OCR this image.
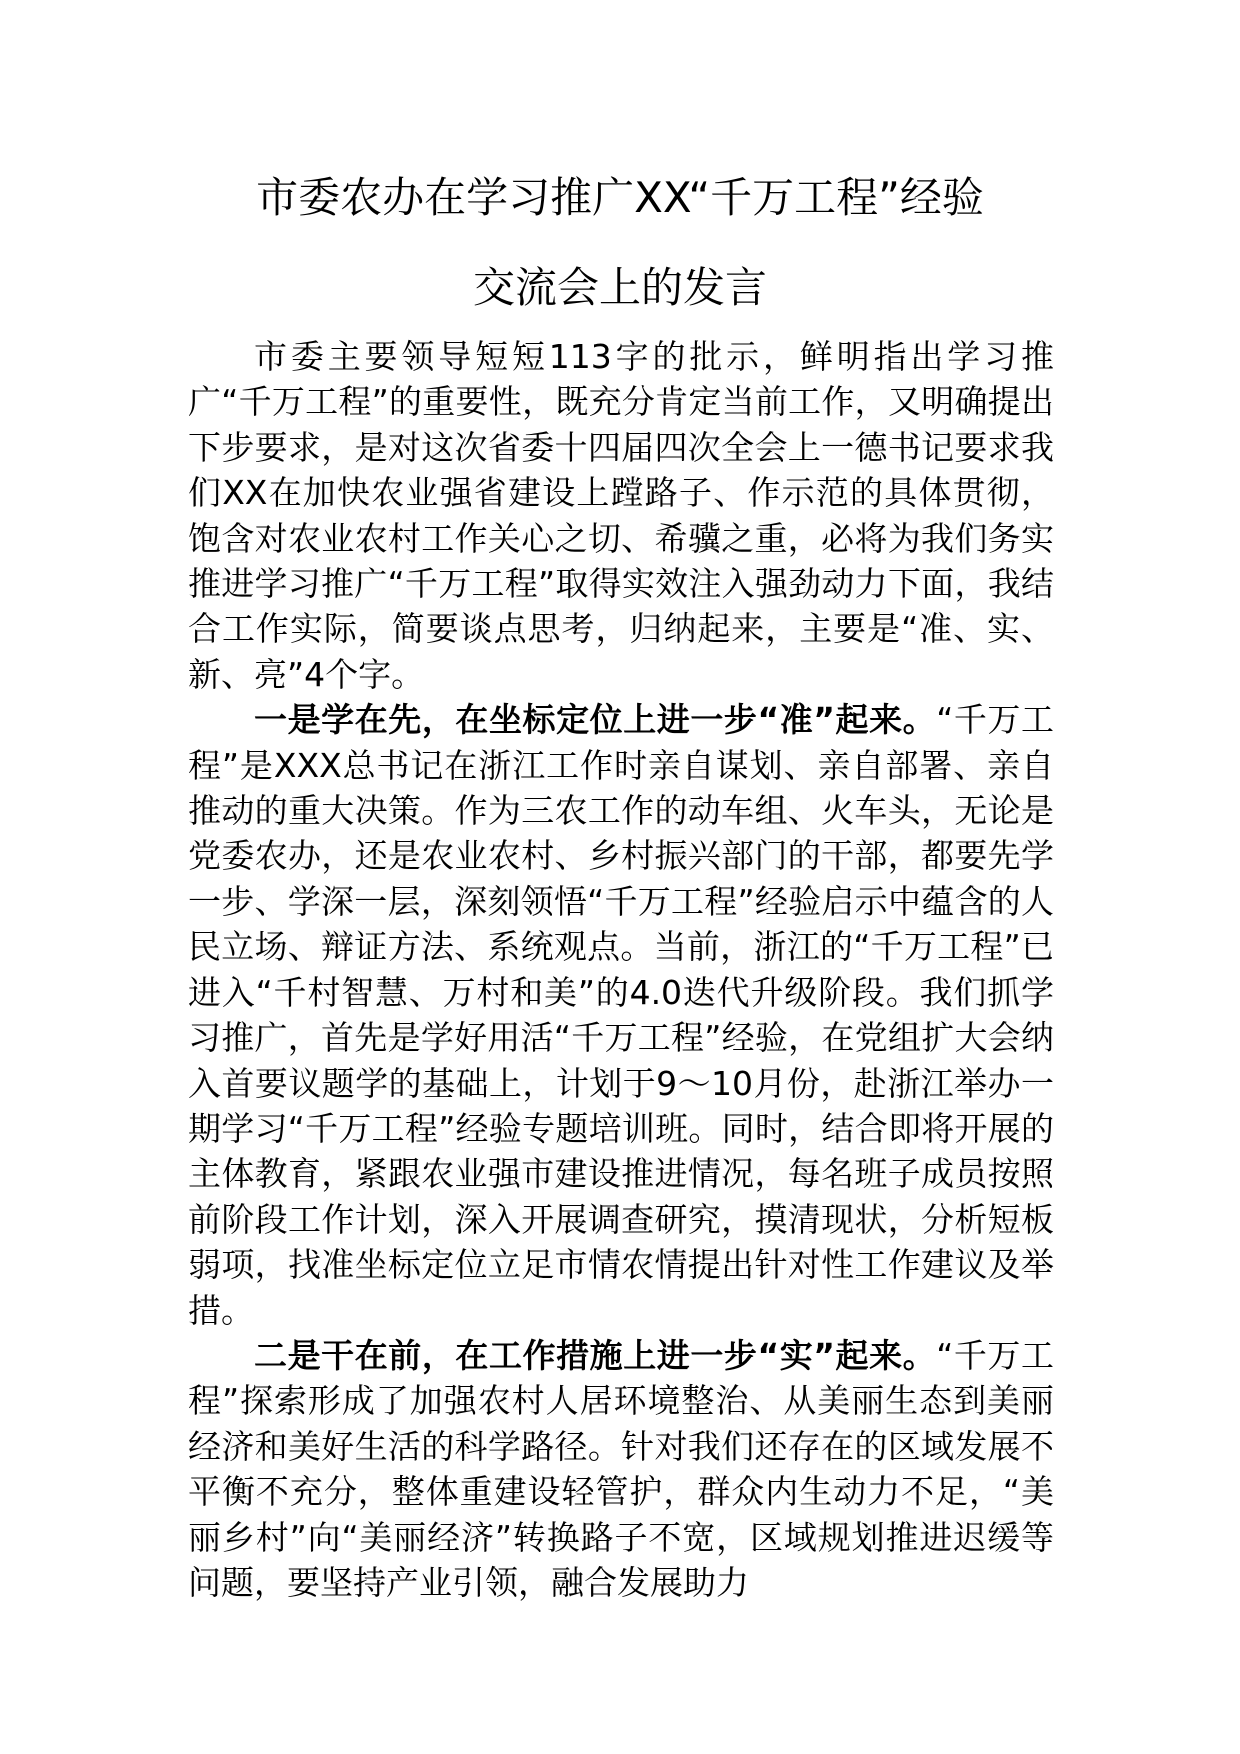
市委农办在学习推广XX“千万工程”经验
交流会上的发言

市委主要领导短短113字的批示，鲜明指出学习推广“千万工程”的重要性，既充分肯定当前工作，又明确提出下步要求，是对这次省委十四届四次全会上一德书记要求我们XX在加快农业强省建设上蹚路子、作示范的具体贯彻，饱含对农业农村工作关心之切、希骥之重，必将为我们务实推进学习推广“千万工程”取得实效注入强劲动力下面，我结合工作实际，简要谈点思考，归纳起来，主要是“准、实、新、亮”4个字。

一是学在先，在坐标定位上进一步“准”起来。“千万工程”是XXX总书记在浙江工作时亲自谋划、亲自部署、亲自推动的重大决策。作为三农工作的动车组、火车头，无论是党委农办，还是农业农村、乡村振兴部门的干部，都要先学一步、学深一层，深刻领悟“千万工程”经验启示中蕴含的人民立场、辩证方法、系统观点。当前，浙江的“千万工程”已进入“千村智慧、万村和美”的4.0迭代升级阶段。我们抓学习推广，首先是学好用活“千万工程”经验，在党组扩大会纳入首要议题学的基础上，计划于9～10月份，赴浙江举办一期学习“千万工程”经验专题培训班。同时，结合即将开展的主体教育，紧跟农业强市建设推进情况，每名班子成员按照前阶段工作计划，深入开展调查研究，摸清现状，分析短板弱项，找准坐标定位立足市情农情提出针对性工作建议及举措。

二是干在前，在工作措施上进一步“实”起来。“千万工程”探索形成了加强农村人居环境整治、从美丽生态到美丽经济和美好生活的科学路径。针对我们还存在的区域发展不平衡不充分，整体重建设轻管护，群众内生动力不足，“美丽乡村”向“美丽经济”转换路子不宽，区域规划推进迟缓等问题，要坚持产业引领，融合发展助力
